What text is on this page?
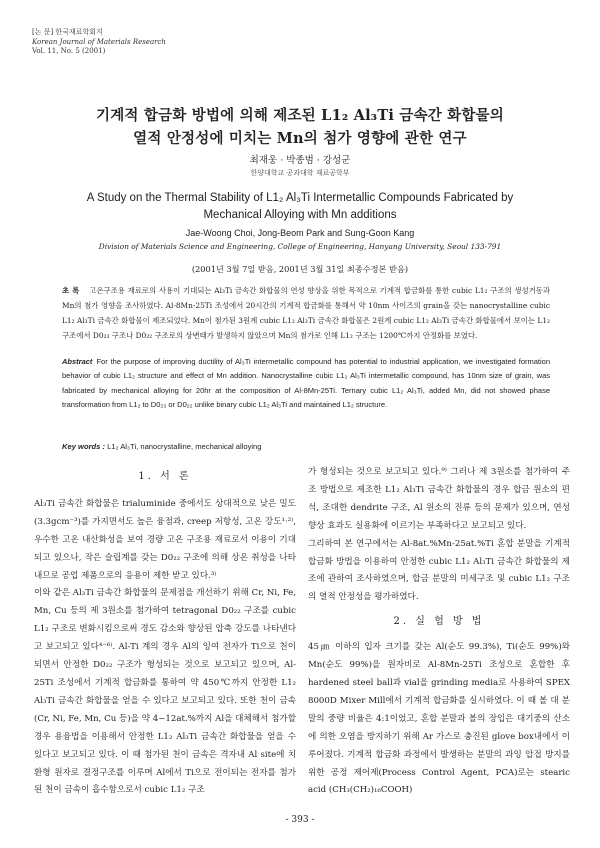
[논 문] 한국재료학회지
Korean Journal of Materials Research
Vol. 11, No. 5 (2001)
기계적 합금화 방법에 의해 제조된 L1₂ Al₃Ti 금속간 화합물의
열적 안정성에 미치는 Mn의 첨가 영향에 관한 연구
최재웅 · 박종범 · 강성군
한양대학교 공과대학 재료공학부
A Study on the Thermal Stability of L1₂ Al₃Ti Intermetallic Compounds Fabricated by
Mechanical Alloying with Mn additions
Jae-Woong Choi, Jong-Beom Park and Sung-Goon Kang
Division of Materials Science and Engineering, College of Engineering, Hanyang University, Seoul 133-791
(2001년 3월 7일 받음, 2001년 3월 31일 최종수정본 받음)
초 록 고온구조용 재료로의 사용이 기대되는 Al₃Ti 금속간 화합물의 연성 향상을 위한 목적으로 기계적 합금화를 통한 cubic L1₂ 구조의 생성거동과 Mn의 첨가 영향을 조사하였다. Al-8Mn-25Ti 조성에서 20시간의 기계적 합금화를 통해서 약 10nm 사이즈의 grain을 갖는 nanocrystalline cubic L1₂ Al₃Ti 금속간 화합물이 제조되었다. Mn이 첨가된 3원계 cubic L1₂ Al₃Ti 금속간 화합물은 2원계 cubic L1₂ Al₃Ti 금속간 화합물에서 보이는 L1₂ 구조에서 D0₂₃ 구조나 D0₂₂ 구조로의 상변태가 발생하지 않았으며 Mn의 첨가로 인해 L1₂ 구조는 1200℃까지 안정화를 보였다.
Abstract For the purpose of improving ductility of Al₃Ti intermetallic compound has potential to industrial application, we investigated formation behavior of cubic L1₂ structure and effect of Mn addition. Nanocrystalline cubic L1₂ Al₃Ti intermetallic compound, has 10nm size of grain, was fabricated by mechanical alloying for 20hr at the composition of Al-8Mn-25Ti. Ternary cubic L1₂ Al₃Ti, added Mn, did not showed phase transformation from L1₂ to D0₂₃ or D0₂₂ unlike binary cubic L1₂ Al₃Ti and maintained L1₂ structure.
Key words : L1₂ Al₃Ti, nanocrystalline, mechanical alloying
1. 서 론

Al₃Ti 금속간 화합물은 trialuminide 중에서도 상대적으로 낮은 밀도(3.3gcm⁻³)를 가지면서도 높은 융점과, creep 저항성, 고온 강도¹·²⁾, 우수한 고온 내산화성을 보여 경량 고온 구조용 재료로서 이용이 기대되고 있으나, 작은 슬립계를 갖는 D0₂₂ 구조에 의해 상온 취성을 나타내므로 공업 제품으로의 응용이 제한 받고 있다.³⁾

이와 같은 Al₃Ti 금속간 화합물의 문제점을 개선하기 위해 Cr, Ni, Fe, Mn, Cu 등의 제 3원소를 첨가하여 tetragonal D0₂₂ 구조를 cubic L1₂ 구조로 변화시킴으로써 경도 감소와 향상된 압축 강도를 나타낸다고 보고되고 있다⁴⁻⁶⁾. Al-Ti 계의 경우 Al의 잉여 전자가 Ti으로 천이되면서 안정한 D0₂₂ 구조가 형성되는 것으로 보고되고 있으며, Al-25Ti 조성에서 기계적 합금화를 통하여 약 450℃까지 안정한 L1₂ Al₃Ti 금속간 화합물을 얻을 수 있다고 보고되고 있다. 또한 천이 금속(Cr, Ni, Fe, Mn, Cu 등)을 약 4~12at.%까지 Al을 대체해서 첨가할 경우 용융법을 이용해서 안정한 L1₂ Al₃Ti 금속간 화합물을 얻을 수 있다고 보고되고 있다. 이 때 첨가된 천이 금속은 격자내 Al site에 치환형 원자로 결정구조를 이루며 Al에서 Ti으로 전이되는 전자를 첨가된 천이 금속이 흡수함으로서 cubic L1₂ 구조

가 형성되는 것으로 보고되고 있다.⁹⁾ 그러나 제 3원소를 첨가하여 주조 방법으로 제조한 L1₂ Al₃Ti 금속간 화합물의 경우 합금 원소의 편석, 조대한 dendrite 구조, Al 원소의 진류 등의 문제가 있으며, 연성 향상 효과도 실용화에 이르기는 부족하다고 보고되고 있다.

그리하여 본 연구에서는 Al-8at.%Mn-25at.%Ti 혼합 분말을 기계적 합금화 방법을 이용하여 안정한 cubic L1₂ Al₃Ti 금속간 화합물의 제조에 관하여 조사하였으며, 합금 분말의 미세구조 및 cubic L1₂ 구조의 열적 안정성을 평가하였다.

2. 실 험 방 법

45㎛ 이하의 입자 크기를 갖는 Al(순도 99.3%), Ti(순도 99%)와 Mn(순도 99%)을 원자비로 Al-8Mn-25Ti 조성으로 혼합한 후 hardened steel ball과 vial을 grinding media로 사용하여 SPEX 8000D Mixer Mill에서 기계적 합금화를 실시하였다. 이 때 볼 대 분말의 중량 비율은 4:1이었고, 혼합 분말과 볼의 장입은 대기중의 산소에 의한 오염을 방지하기 위해 Ar 가스로 충진된 glove box내에서 이루어졌다. 기계적 합금화 과정에서 발생하는 분말의 과잉 압접 방지를 위한 공정 제어제(Process Control Agent, PCA)로는 stearic acid (CH₃(CH₂)₁₆COOH)

- 393 -
